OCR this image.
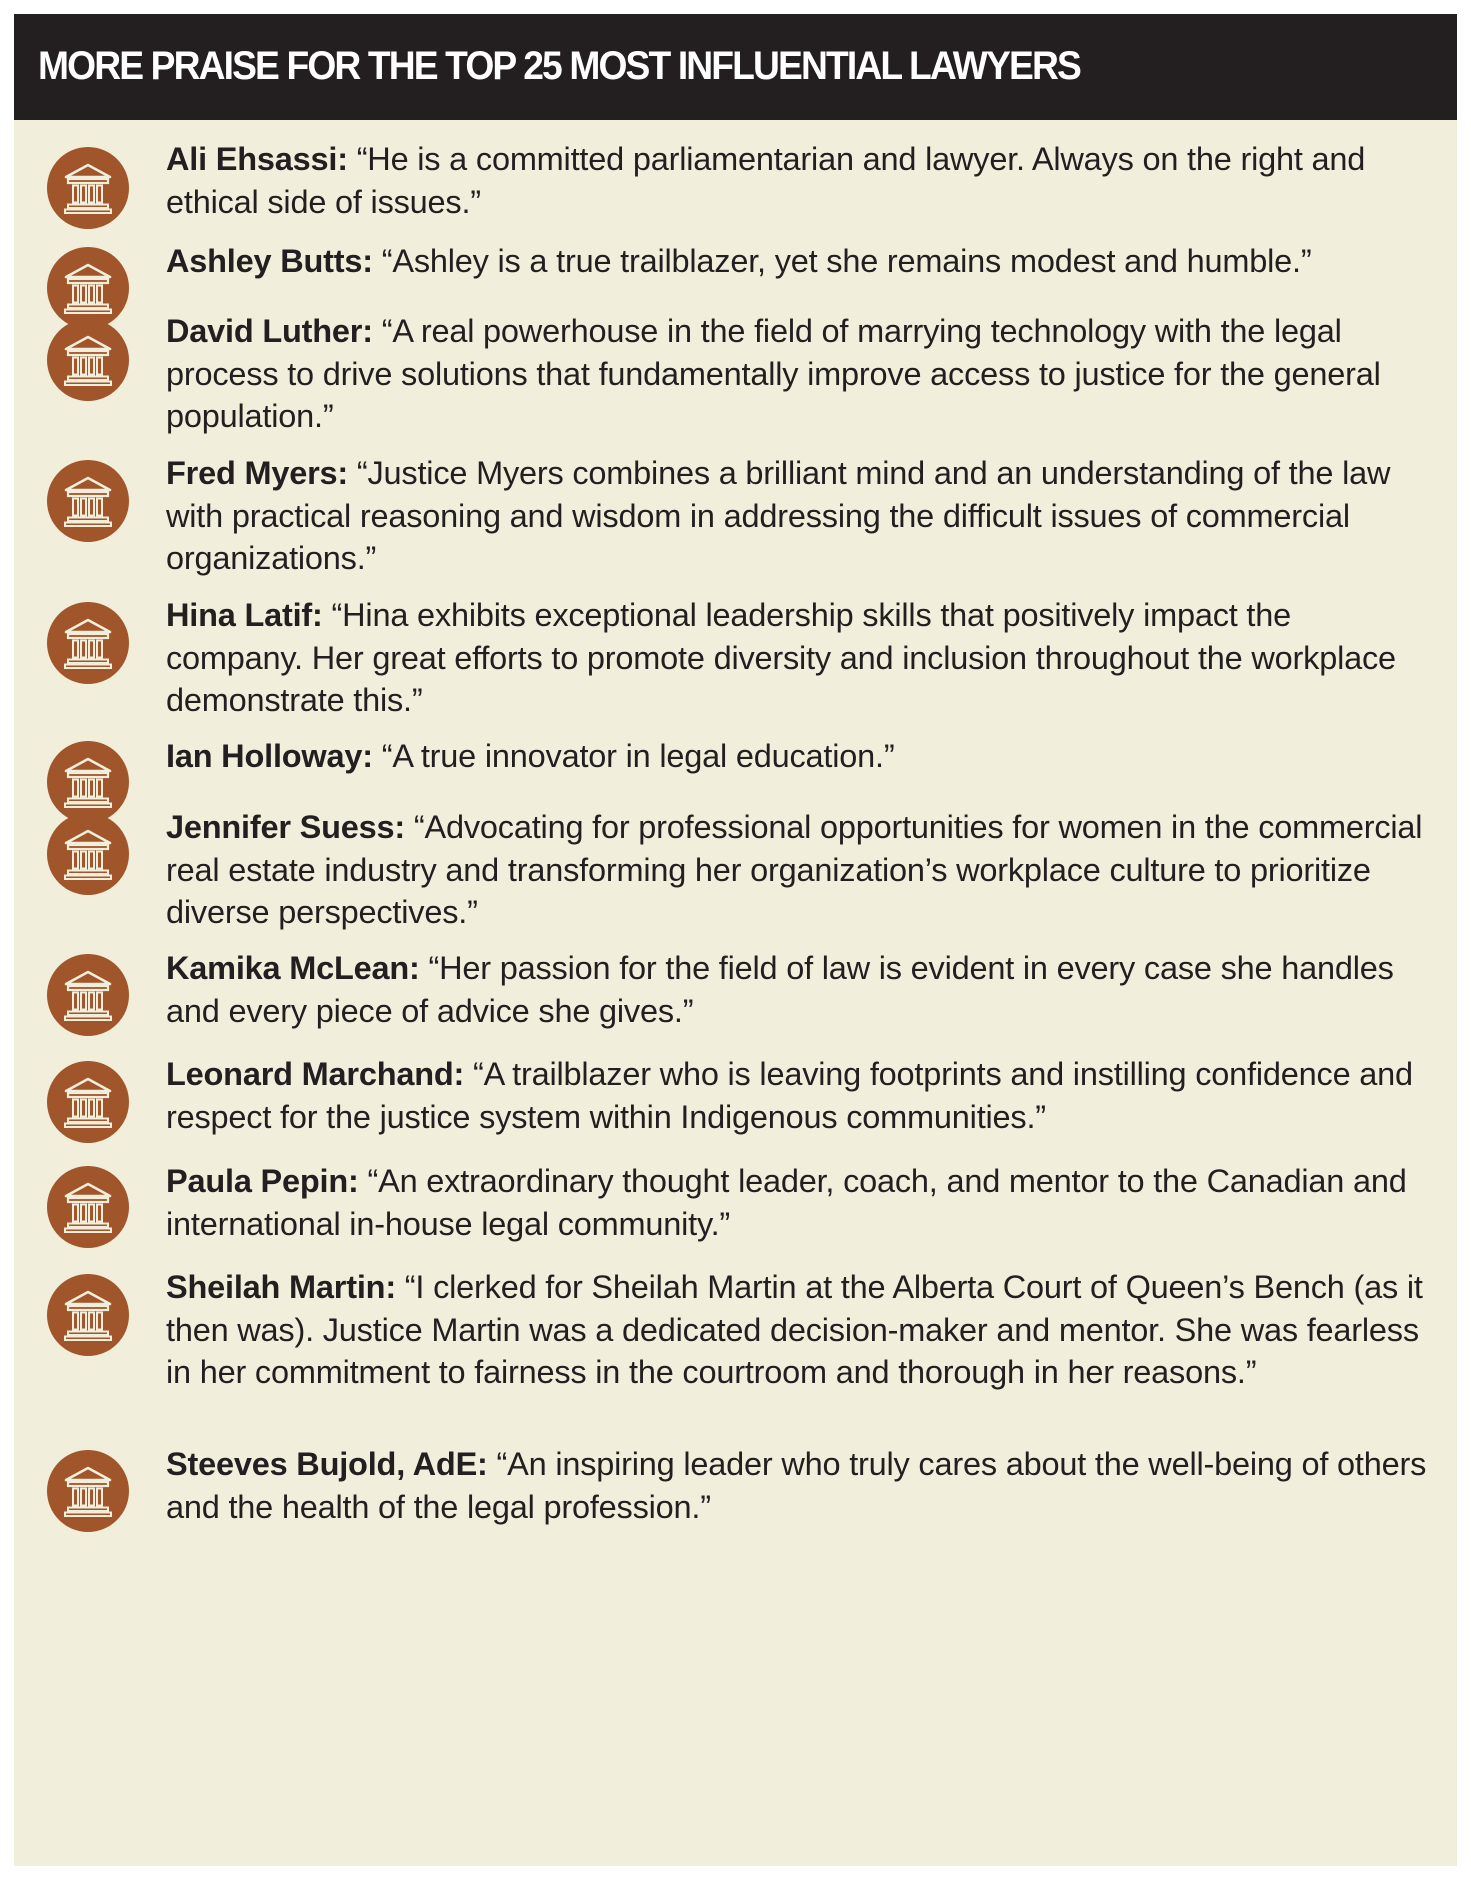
MORE PRAISE FOR THE TOP 25 MOST INFLUENTIAL LAWYERS
Ali Ehsassi: “He is a committed parliamentarian and lawyer. Always on the right and ethical side of issues.”
Ashley Butts: “Ashley is a true trailblazer, yet she remains modest and humble.”
David Luther: “A real powerhouse in the field of marrying technology with the legal process to drive solutions that fundamentally improve access to justice for the general population.”
Fred Myers: “Justice Myers combines a brilliant mind and an understanding of the law with practical reasoning and wisdom in addressing the difficult issues of commercial organizations.”
Hina Latif: “Hina exhibits exceptional leadership skills that positively impact the company. Her great efforts to promote diversity and inclusion throughout the workplace demonstrate this.”
Ian Holloway: “A true innovator in legal education.”
Jennifer Suess: “Advocating for professional opportunities for women in the commercial real estate industry and transforming her organization’s workplace culture to prioritize diverse perspectives.”
Kamika McLean: “Her passion for the field of law is evident in every case she handles and every piece of advice she gives.”
Leonard Marchand: “A trailblazer who is leaving footprints and instilling confidence and respect for the justice system within Indigenous communities.”
Paula Pepin: “An extraordinary thought leader, coach, and mentor to the Canadian and international in-house legal community.”
Sheilah Martin: “I clerked for Sheilah Martin at the Alberta Court of Queen’s Bench (as it then was). Justice Martin was a dedicated decision-maker and mentor. She was fearless in her commitment to fairness in the courtroom and thorough in her reasons.”
Steeves Bujold, AdE: “An inspiring leader who truly cares about the well-being of others and the health of the legal profession.”
